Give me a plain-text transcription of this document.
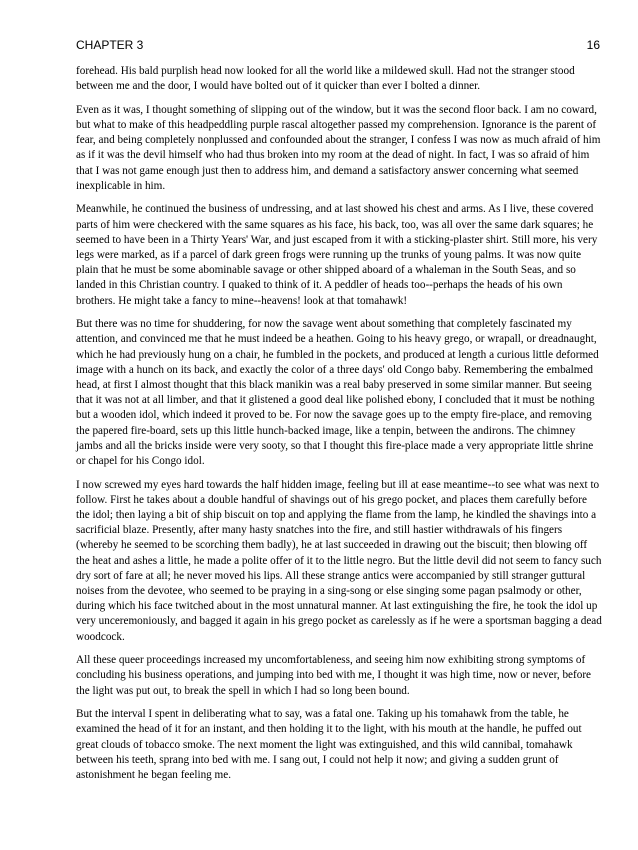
CHAPTER 3	16

forehead. His bald purplish head now looked for all the world like a mildewed skull. Had not the stranger stood between me and the door, I would have bolted out of it quicker than ever I bolted a dinner.

Even as it was, I thought something of slipping out of the window, but it was the second floor back. I am no coward, but what to make of this headpeddling purple rascal altogether passed my comprehension. Ignorance is the parent of fear, and being completely nonplussed and confounded about the stranger, I confess I was now as much afraid of him as if it was the devil himself who had thus broken into my room at the dead of night. In fact, I was so afraid of him that I was not game enough just then to address him, and demand a satisfactory answer concerning what seemed inexplicable in him.

Meanwhile, he continued the business of undressing, and at last showed his chest and arms. As I live, these covered parts of him were checkered with the same squares as his face, his back, too, was all over the same dark squares; he seemed to have been in a Thirty Years' War, and just escaped from it with a sticking-plaster shirt. Still more, his very legs were marked, as if a parcel of dark green frogs were running up the trunks of young palms. It was now quite plain that he must be some abominable savage or other shipped aboard of a whaleman in the South Seas, and so landed in this Christian country. I quaked to think of it. A peddler of heads too--perhaps the heads of his own brothers. He might take a fancy to mine--heavens! look at that tomahawk!

But there was no time for shuddering, for now the savage went about something that completely fascinated my attention, and convinced me that he must indeed be a heathen. Going to his heavy grego, or wrapall, or dreadnaught, which he had previously hung on a chair, he fumbled in the pockets, and produced at length a curious little deformed image with a hunch on its back, and exactly the color of a three days' old Congo baby. Remembering the embalmed head, at first I almost thought that this black manikin was a real baby preserved in some similar manner. But seeing that it was not at all limber, and that it glistened a good deal like polished ebony, I concluded that it must be nothing but a wooden idol, which indeed it proved to be. For now the savage goes up to the empty fire-place, and removing the papered fire-board, sets up this little hunch-backed image, like a tenpin, between the andirons. The chimney jambs and all the bricks inside were very sooty, so that I thought this fire-place made a very appropriate little shrine or chapel for his Congo idol.

I now screwed my eyes hard towards the half hidden image, feeling but ill at ease meantime--to see what was next to follow. First he takes about a double handful of shavings out of his grego pocket, and places them carefully before the idol; then laying a bit of ship biscuit on top and applying the flame from the lamp, he kindled the shavings into a sacrificial blaze. Presently, after many hasty snatches into the fire, and still hastier withdrawals of his fingers (whereby he seemed to be scorching them badly), he at last succeeded in drawing out the biscuit; then blowing off the heat and ashes a little, he made a polite offer of it to the little negro. But the little devil did not seem to fancy such dry sort of fare at all; he never moved his lips. All these strange antics were accompanied by still stranger guttural noises from the devotee, who seemed to be praying in a sing-song or else singing some pagan psalmody or other, during which his face twitched about in the most unnatural manner. At last extinguishing the fire, he took the idol up very unceremoniously, and bagged it again in his grego pocket as carelessly as if he were a sportsman bagging a dead woodcock.

All these queer proceedings increased my uncomfortableness, and seeing him now exhibiting strong symptoms of concluding his business operations, and jumping into bed with me, I thought it was high time, now or never, before the light was put out, to break the spell in which I had so long been bound.

But the interval I spent in deliberating what to say, was a fatal one. Taking up his tomahawk from the table, he examined the head of it for an instant, and then holding it to the light, with his mouth at the handle, he puffed out great clouds of tobacco smoke. The next moment the light was extinguished, and this wild cannibal, tomahawk between his teeth, sprang into bed with me. I sang out, I could not help it now; and giving a sudden grunt of astonishment he began feeling me.
